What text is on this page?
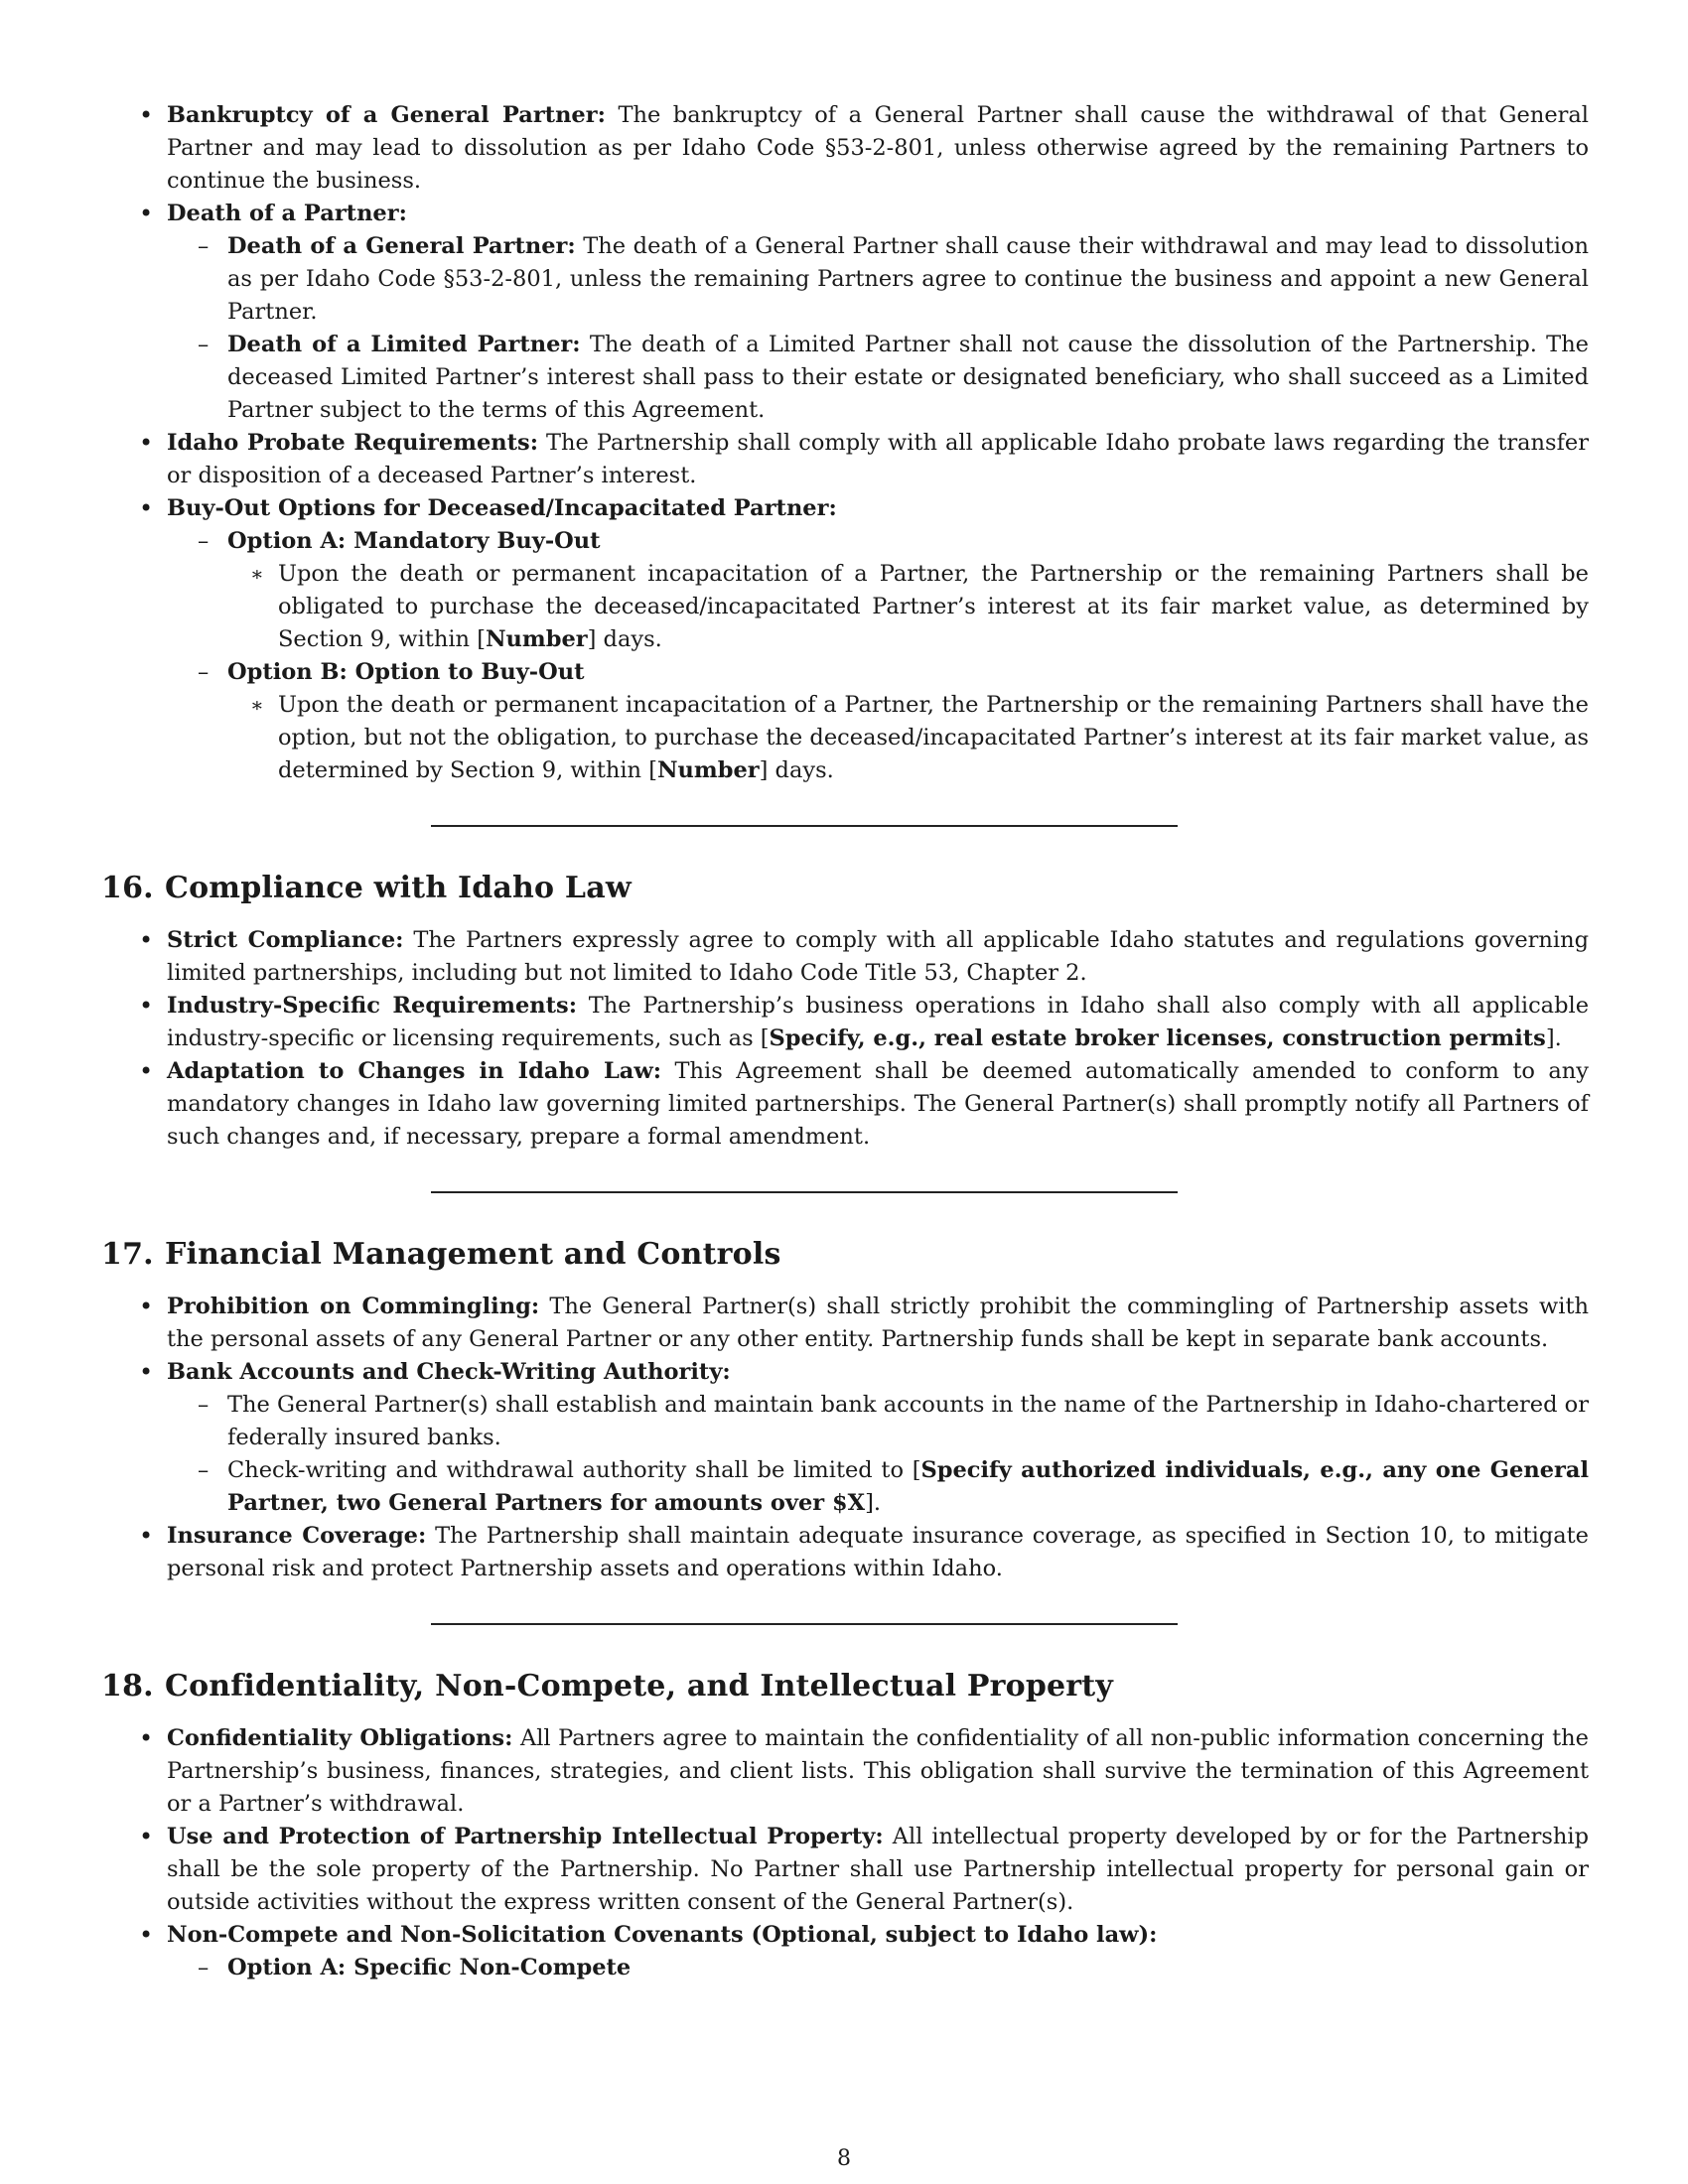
• Bankruptcy of a General Partner: The bankruptcy of a General Partner shall cause the withdrawal of that General Partner and may lead to dissolution as per Idaho Code §53-2-801, unless otherwise agreed by the remaining Partners to continue the business.
• Death of a Partner:
– Death of a General Partner: The death of a General Partner shall cause their withdrawal and may lead to dissolution as per Idaho Code §53-2-801, unless the remaining Partners agree to continue the business and appoint a new General Partner.
– Death of a Limited Partner: The death of a Limited Partner shall not cause the dissolution of the Partnership. The deceased Limited Partner’s interest shall pass to their estate or designated beneficiary, who shall succeed as a Limited Partner subject to the terms of this Agreement.
• Idaho Probate Requirements: The Partnership shall comply with all applicable Idaho probate laws regarding the transfer or disposition of a deceased Partner’s interest.
• Buy-Out Options for Deceased/Incapacitated Partner:
– Option A: Mandatory Buy-Out
∗ Upon the death or permanent incapacitation of a Partner, the Partnership or the remaining Partners shall be obligated to purchase the deceased/incapacitated Partner’s interest at its fair market value, as determined by Section 9, within [Number] days.
– Option B: Option to Buy-Out
∗ Upon the death or permanent incapacitation of a Partner, the Partnership or the remaining Partners shall have the option, but not the obligation, to purchase the deceased/incapacitated Partner’s interest at its fair market value, as determined by Section 9, within [Number] days.
16. Compliance with Idaho Law
• Strict Compliance: The Partners expressly agree to comply with all applicable Idaho statutes and regulations governing limited partnerships, including but not limited to Idaho Code Title 53, Chapter 2.
• Industry-Specific Requirements: The Partnership’s business operations in Idaho shall also comply with all applicable industry-specific or licensing requirements, such as [Specify, e.g., real estate broker licenses, construction permits].
• Adaptation to Changes in Idaho Law: This Agreement shall be deemed automatically amended to conform to any mandatory changes in Idaho law governing limited partnerships. The General Partner(s) shall promptly notify all Partners of such changes and, if necessary, prepare a formal amendment.
17. Financial Management and Controls
• Prohibition on Commingling: The General Partner(s) shall strictly prohibit the commingling of Partnership assets with the personal assets of any General Partner or any other entity. Partnership funds shall be kept in separate bank accounts.
• Bank Accounts and Check-Writing Authority:
– The General Partner(s) shall establish and maintain bank accounts in the name of the Partnership in Idaho-chartered or federally insured banks.
– Check-writing and withdrawal authority shall be limited to [Specify authorized individuals, e.g., any one General Partner, two General Partners for amounts over $X].
• Insurance Coverage: The Partnership shall maintain adequate insurance coverage, as specified in Section 10, to mitigate personal risk and protect Partnership assets and operations within Idaho.
18. Confidentiality, Non-Compete, and Intellectual Property
• Confidentiality Obligations: All Partners agree to maintain the confidentiality of all non-public information concerning the Partnership’s business, finances, strategies, and client lists. This obligation shall survive the termination of this Agreement or a Partner’s withdrawal.
• Use and Protection of Partnership Intellectual Property: All intellectual property developed by or for the Partnership shall be the sole property of the Partnership. No Partner shall use Partnership intellectual property for personal gain or outside activities without the express written consent of the General Partner(s).
• Non-Compete and Non-Solicitation Covenants (Optional, subject to Idaho law):
– Option A: Specific Non-Compete
8
